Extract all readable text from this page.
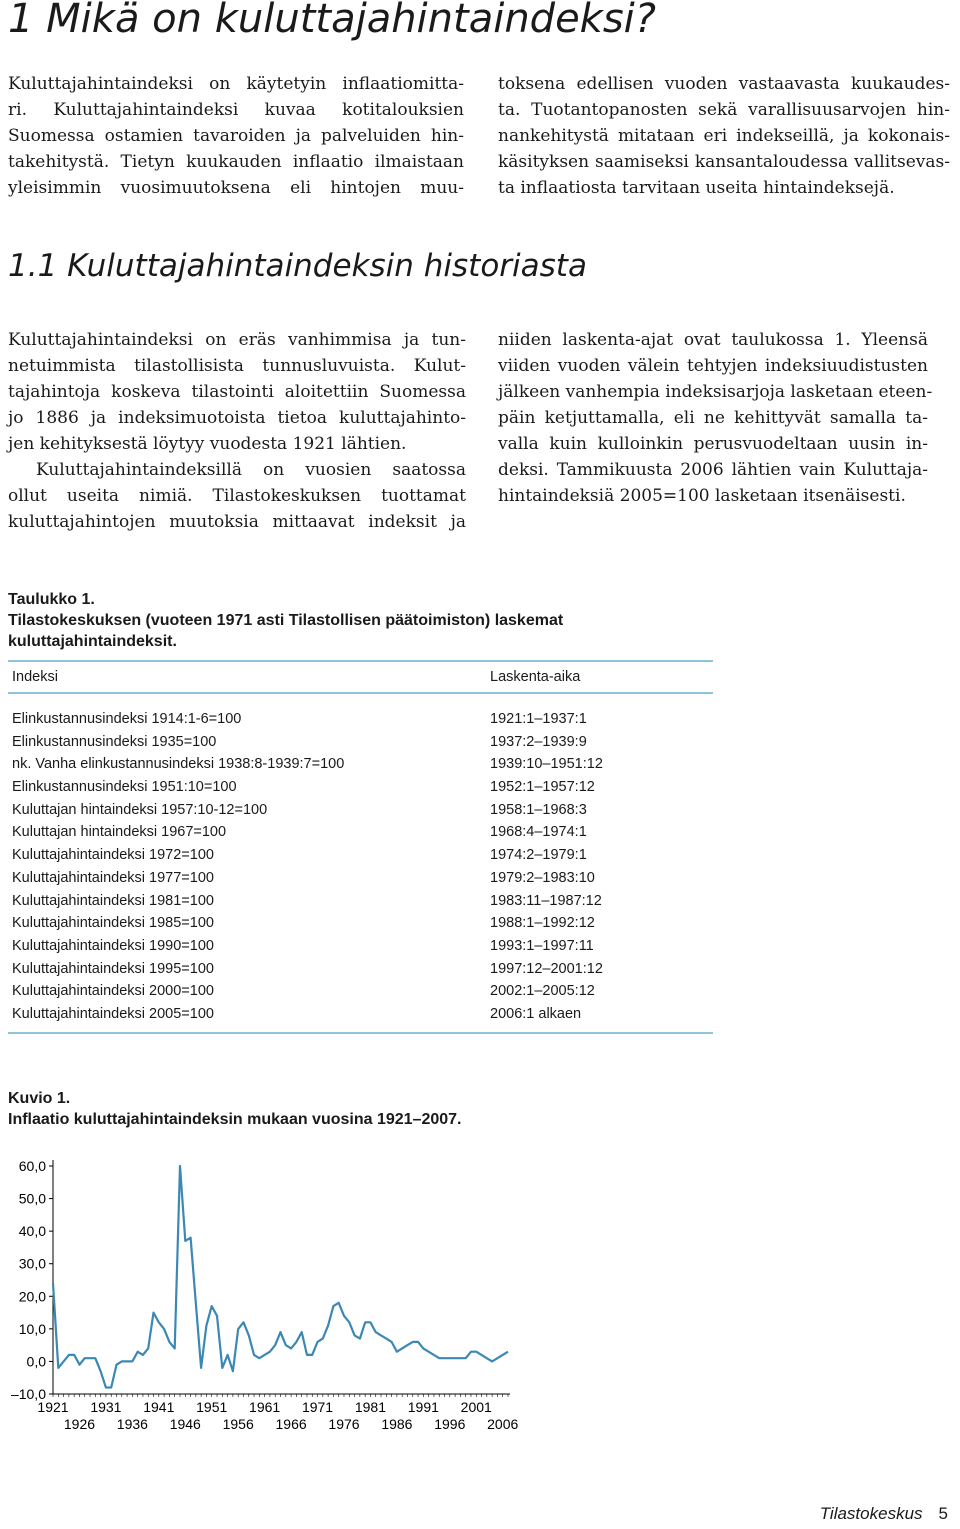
1 Mikä on kuluttajahintaindeksi?
Kuluttajahintaindeksi on käytetyin inflaatiomitta-
ri. Kuluttajahintaindeksi kuvaa kotitalouksien
Suomessa ostamien tavaroiden ja palveluiden hin-
takehitystä. Tietyn kuukauden inflaatio ilmaistaan
yleisimmin vuosimuutoksena eli hintojen muu-
toksena edellisen vuoden vastaavasta kuukaudes-
ta. Tuotantopanosten sekä varallisuusarvojen hin-
nankehitystä mitataan eri indekseillä, ja kokonais-
käsityksen saamiseksi kansantaloudessa vallitsevas-
ta inflaatiosta tarvitaan useita hintaindeksejä.
1.1 Kuluttajahintaindeksin historiasta
Kuluttajahintaindeksi on eräs vanhimmisa ja tun-
netuimmista tilastollisista tunnusluvuista. Kulut-
tajahintoja koskeva tilastointi aloitettiin Suomessa
jo 1886 ja indeksimuotoista tietoa kuluttajahinto-
jen kehityksestä löytyy vuodesta 1921 lähtien.
Kuluttajahintaindeksillä on vuosien saatossa
ollut useita nimiä. Tilastokeskuksen tuottamat
kuluttajahintojen muutoksia mittaavat indeksit ja
niiden laskenta-ajat ovat taulukossa 1. Yleensä
viiden vuoden välein tehtyjen indeksiuudistusten
jälkeen vanhempia indeksisarjoja lasketaan eteen-
päin ketjuttamalla, eli ne kehittyvät samalla ta-
valla kuin kulloinkin perusvuodeltaan uusin in-
deksi. Tammikuusta 2006 lähtien vain Kuluttaja-
hintaindeksiä 2005=100 lasketaan itsenäisesti.
Taulukko 1.
Tilastokeskuksen (vuoteen 1971 asti Tilastollisen päätoimiston) laskemat
kuluttajahintaindeksit.
Indeksi	Laskenta-aika
Elinkustannusindeksi 1914:1-6=100	1921:1–1937:1
Elinkustannusindeksi 1935=100	1937:2–1939:9
nk. Vanha elinkustannusindeksi 1938:8-1939:7=100	1939:10–1951:12
Elinkustannusindeksi 1951:10=100	1952:1–1957:12
Kuluttajan hintaindeksi 1957:10-12=100	1958:1–1968:3
Kuluttajan hintaindeksi 1967=100	1968:4–1974:1
Kuluttajahintaindeksi 1972=100	1974:2–1979:1
Kuluttajahintaindeksi 1977=100	1979:2–1983:10
Kuluttajahintaindeksi 1981=100	1983:11–1987:12
Kuluttajahintaindeksi 1985=100	1988:1–1992:12
Kuluttajahintaindeksi 1990=100	1993:1–1997:11
Kuluttajahintaindeksi 1995=100	1997:12–2001:12
Kuluttajahintaindeksi 2000=100	2002:1–2005:12
Kuluttajahintaindeksi 2005=100	2006:1 alkaen
Kuvio 1.
Inflaatio kuluttajahintaindeksin mukaan vuosina 1921–2007.
–10,0
0,0
10,0
20,0
30,0
40,0
50,0
60,0
1921 1931 1941 1951 1961 1971 1981 1991 2001
1926 1936 1946 1956 1966 1976 1986 1996 2006
Tilastokeskus 5
